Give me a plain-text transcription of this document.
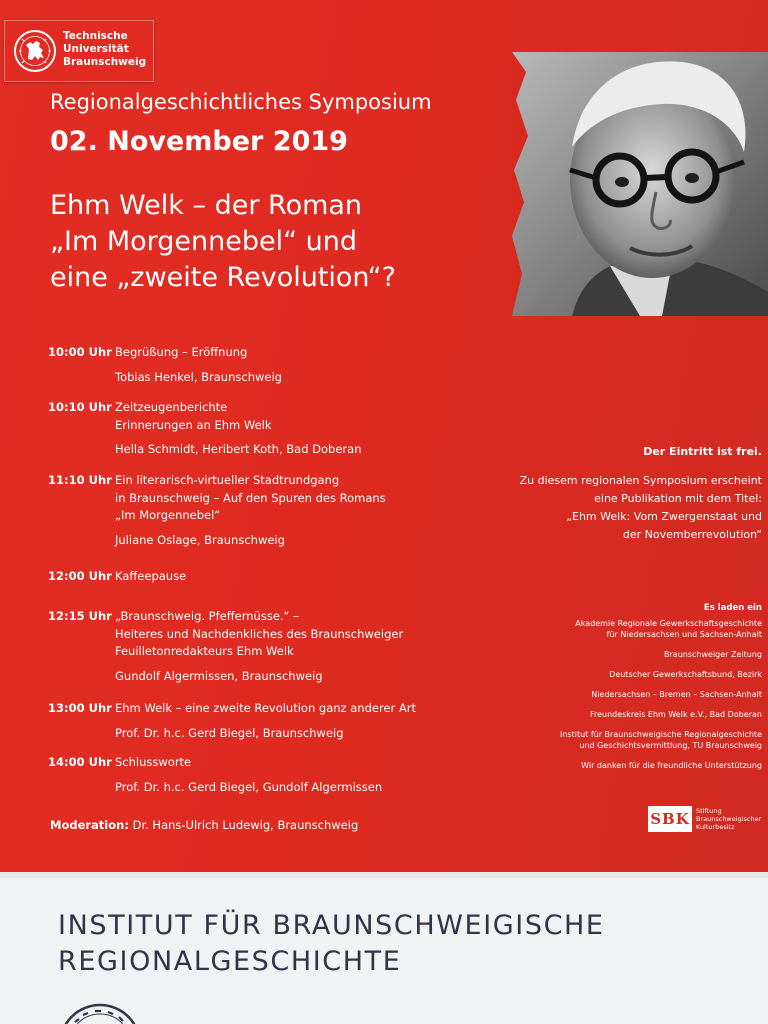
Technische
Universität
Braunschweig
Regionalgeschichtliches Symposium
02. November 2019
Ehm Welk – der Roman
„Im Morgennebel“ und
eine „zweite Revolution“?
10:00 Uhr Begrüßung – Eröffnung
Tobias Henkel, Braunschweig
10:10 Uhr Zeitzeugenberichte
Erinnerungen an Ehm Welk
Hella Schmidt, Heribert Koth, Bad Doberan
11:10 Uhr Ein literarisch-virtueller Stadtrundgang
in Braunschweig – Auf den Spuren des Romans
„Im Morgennebel“
Juliane Oslage, Braunschweig
12:00 Uhr Kaffeepause
12:15 Uhr „Braunschweig. Pfeffernüsse.“ –
Heiteres und Nachdenkliches des Braunschweiger
Feuilletonredakteurs Ehm Welk
Gundolf Algermissen, Braunschweig
13:00 Uhr Ehm Welk – eine zweite Revolution ganz anderer Art
Prof. Dr. h.c. Gerd Biegel, Braunschweig
14:00 Uhr Schlussworte
Prof. Dr. h.c. Gerd Biegel, Gundolf Algermissen
Moderation: Dr. Hans-Ulrich Ludewig, Braunschweig
Der Eintritt ist frei.
Zu diesem regionalen Symposium erscheint
eine Publikation mit dem Titel:
„Ehm Welk: Vom Zwergenstaat und
der Novemberrevolution“
Es laden ein
Akademie Regionale Gewerkschaftsgeschichte
für Niedersachsen und Sachsen-Anhalt
Braunschweiger Zeitung
Deutscher Gewerkschaftsbund, Bezirk
Niedersachsen – Bremen – Sachsen-Anhalt
Freundeskreis Ehm Welk e.V., Bad Doberan
Institut für Braunschweigische Regionalgeschichte
und Geschichtsvermittlung, TU Braunschweig
Wir danken für die freundliche Unterstützung
SBK Stiftung
Braunschweigischer
Kulturbesitz
INSTITUT FÜR BRAUNSCHWEIGISCHE
REGIONALGESCHICHTE
